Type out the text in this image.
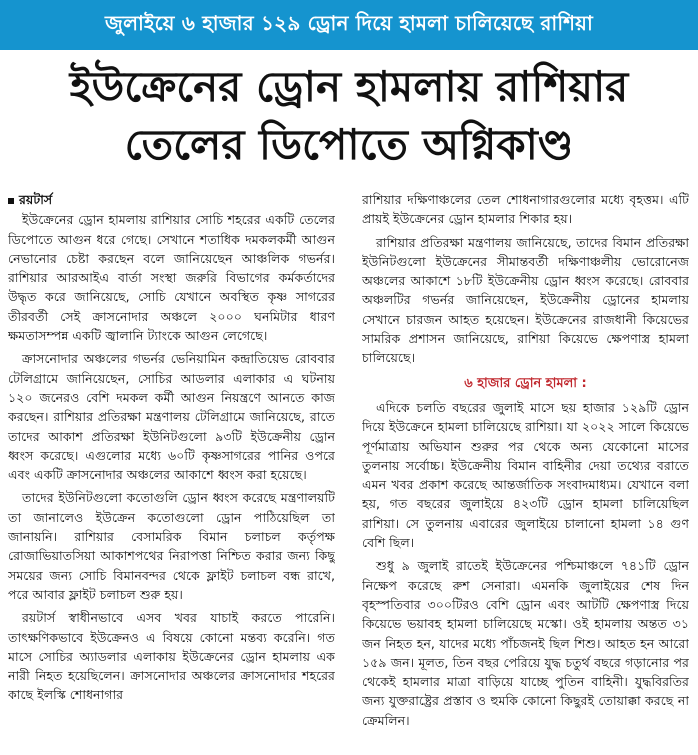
জুলাইয়ে ৬ হাজার ১২৯ ড্রোন দিয়ে হামলা চালিয়েছে রাশিয়া
ইউক্রেনের ড্রোন হামলায় রাশিয়ার
তেলের ডিপোতে অগ্নিকাণ্ড
রয়টার্স

ইউক্রেনের ড্রোন হামলায় রাশিয়ার সোচি শহরের একটি তেলের ডিপোতে আগুন ধরে গেছে। সেখানে শতাধিক দমকলকর্মী আগুন নেভানোর চেষ্টা করছেন বলে জানিয়েছেন আঞ্চলিক গভর্নর। রাশিয়ার আরআইএ বার্তা সংস্থা জরুরি বিভাগের কর্মকর্তাদের উদ্ধৃত করে জানিয়েছে, সোচি যেখানে অবস্থিত কৃষ্ণ সাগরের তীরবর্তী সেই ক্রাসনোদার অঞ্চলে ২০০০ ঘনমিটার ধারণ ক্ষমতাসম্পন্ন একটি জ্বালানি ট্যাংকে আগুন লেগেছে।

ক্রাসনোদার অঞ্চলের গভর্নর ভেনিয়ামিন কন্দ্রাতিয়েভ রোববার টেলিগ্রামে জানিয়েছেন, সোচির আডলার এলাকার এ ঘটনায় ১২০ জনেরও বেশি দমকল কর্মী আগুন নিয়ন্ত্রণে আনতে কাজ করছেন। রাশিয়ার প্রতিরক্ষা মন্ত্রণালয় টেলিগ্রামে জানিয়েছে, রাতে তাদের আকাশ প্রতিরক্ষা ইউনিটগুলো ৯৩টি ইউক্রেনীয় ড্রোন ধ্বংস করেছে। এগুলোর মধ্যে ৬০টি কৃষ্ণসাগরের পানির ওপরে এবং একটি ক্রাসনোদার অঞ্চলের আকাশে ধ্বংস করা হয়েছে।

তাদের ইউনিটগুলো কতোগুলি ড্রোন ধ্বংস করেছে মন্ত্রণালয়টি তা জানালেও ইউক্রেন কতোগুলো ড্রোন পাঠিয়েছিল তা জানায়নি। রাশিয়ার বেসামরিক বিমান চলাচল কর্তৃপক্ষ রোজাভিয়াতসিয়া আকাশপথের নিরাপত্তা নিশ্চিত করার জন্য কিছু সময়ের জন্য সোচি বিমানবন্দর থেকে ফ্লাইট চলাচল বন্ধ রাখে, পরে আবার ফ্লাইট চলাচল শুরু হয়।

রয়টার্স স্বাধীনভাবে এসব খবর যাচাই করতে পারেনি। তাৎক্ষণিকভাবে ইউক্রেনও এ বিষয়ে কোনো মন্তব্য করেনি। গত মাসে সোচির অ্যাডলার এলাকায় ইউক্রেনের ড্রোন হামলায় এক নারী নিহত হয়েছিলেন। ক্রাসনোদার অঞ্চলের ক্রাসনোদার শহরের কাছে ইলস্কি শোধনাগার

রাশিয়ার দক্ষিণাঞ্চলের তেল শোধনাগারগুলোর মধ্যে বৃহত্তম। এটি প্রায়ই ইউক্রেনের ড্রোন হামলার শিকার হয়।

রাশিয়ার প্রতিরক্ষা মন্ত্রণালয় জানিয়েছে, তাদের বিমান প্রতিরক্ষা ইউনিটগুলো ইউক্রেনের সীমান্তবর্তী দক্ষিণাঞ্চলীয় ভোরোনেজ অঞ্চলের আকাশে ১৮টি ইউক্রেনীয় ড্রোন ধ্বংস করেছে। রোববার অঞ্চলটির গভর্নর জানিয়েছেন, ইউক্রেনীয় ড্রোনের হামলায় সেখানে চারজন আহত হয়েছেন। ইউক্রেনের রাজধানী কিয়েভের সামরিক প্রশাসন জানিয়েছে, রাশিয়া কিয়েভে ক্ষেপণাস্ত্র হামলা চালিয়েছে।

৬ হাজার ড্রোন হামলা :

এদিকে চলতি বছরের জুলাই মাসে ছয় হাজার ১২৯টি ড্রোন দিয়ে ইউক্রেনে হামলা চালিয়েছে রাশিয়া। যা ২০২২ সালে কিয়েভে পূর্ণমাত্রায় অভিযান শুরুর পর থেকে অন্য যেকোনো মাসের তুলনায় সর্বোচ্চ। ইউক্রেনীয় বিমান বাহিনীর দেয়া তথ্যের বরাতে এমন খবর প্রকাশ করেছে আন্তর্জাতিক সংবাদমাধ্যম। যেখানে বলা হয়, গত বছরের জুলাইয়ে ৪২৩টি ড্রোন হামলা চালিয়েছিল রাশিয়া। সে তুলনায় এবারের জুলাইয়ে চালানো হামলা ১৪ গুণ বেশি ছিল।

শুধু ৯ জুলাই রাতেই ইউক্রেনের পশ্চিমাঞ্চলে ৭৪১টি ড্রোন নিক্ষেপ করেছে রুশ সেনারা। এমনকি জুলাইয়ের শেষ দিন বৃহস্পতিবার ৩০০টিরও বেশি ড্রোন এবং আটটি ক্ষেপণাস্ত্র দিয়ে কিয়েভে ভয়াবহ হামলা চালিয়েছে মস্কো। ওই হামলায় অন্তত ৩১ জন নিহত হন, যাদের মধ্যে পাঁচজনই ছিল শিশু। আহত হন আরো ১৫৯ জন। মূলত, তিন বছর পেরিয়ে যুদ্ধ চতুর্থ বছরে গড়ানোর পর থেকেই হামলার মাত্রা বাড়িয়ে যাচ্ছে পুতিন বাহিনী। যুদ্ধবিরতির জন্য যুক্তরাষ্ট্রের প্রস্তাব ও হুমকি কোনো কিছুরই তোয়াক্কা করছে না ক্রেমলিন।
